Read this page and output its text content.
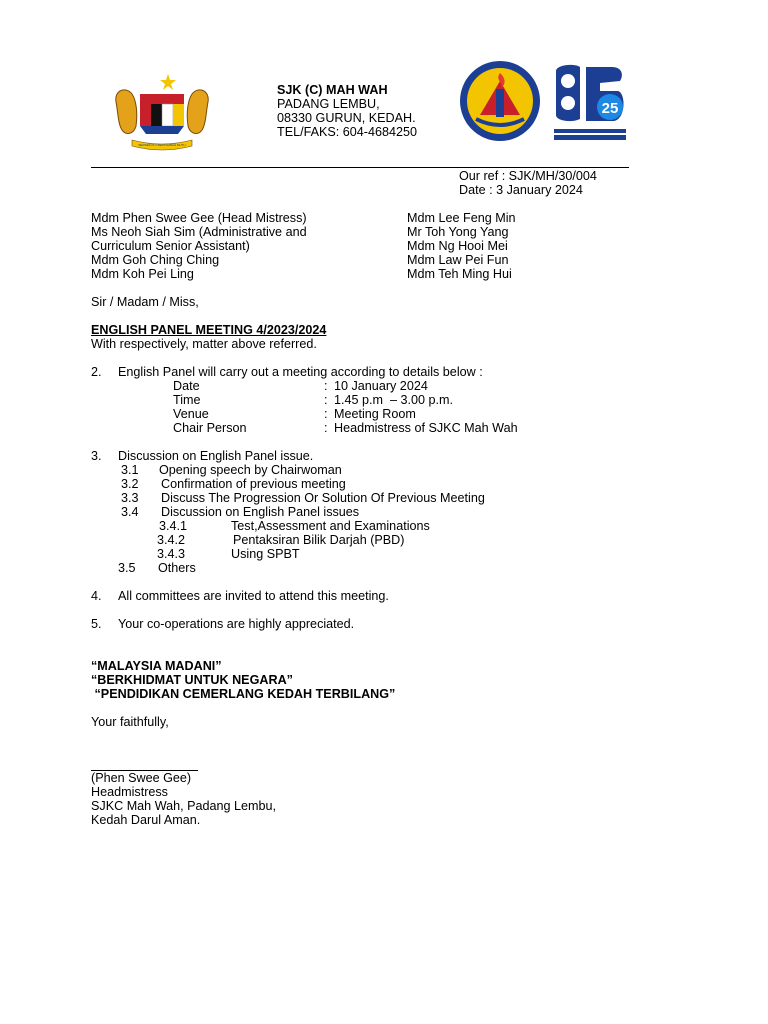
BERSEKUTU BERTAMBAH MUTU
SJK (C) MAH WAH
PADANG LEMBU,
08330 GURUN, KEDAH.
TEL/FAKS: 604-4684250
25
Our ref : SJK/MH/30/004
Date : 3 January 2024
Mdm Phen Swee Gee (Head Mistress)
Ms Neoh Siah Sim (Administrative and
Curriculum Senior Assistant)
Mdm Goh Ching Ching
Mdm Koh Pei Ling
Mdm Lee Feng Min
Mr Toh Yong Yang
Mdm Ng Hooi Mei
Mdm Law Pei Fun
Mdm Teh Ming Hui
Sir / Madam / Miss,
ENGLISH PANEL MEETING 4/2023/2024
With respectively, matter above referred.
2. English Panel will carry out a meeting according to details below :
Date	: 10 January 2024
Time	: 1.45 p.m  – 3.00 p.m.
Venue	: Meeting Room
Chair Person	: Headmistress of SJKC Mah Wah
3. Discussion on English Panel issue.
3.1 Opening speech by Chairwoman
3.2 Confirmation of previous meeting
3.3 Discuss The Progression Or Solution Of Previous Meeting
3.4 Discussion on English Panel issues
3.4.1	Test,Assessment and Examinations
3.4.2	Pentaksiran Bilik Darjah (PBD)
3.4.3	Using SPBT
3.5 Others
4. All committees are invited to attend this meeting.
5. Your co-operations are highly appreciated.
“MALAYSIA MADANI”
“BERKHIDMAT UNTUK NEGARA”
“PENDIDIKAN CEMERLANG KEDAH TERBILANG”
Your faithfully,
(Phen Swee Gee)
Headmistress
SJKC Mah Wah, Padang Lembu,
Kedah Darul Aman.
